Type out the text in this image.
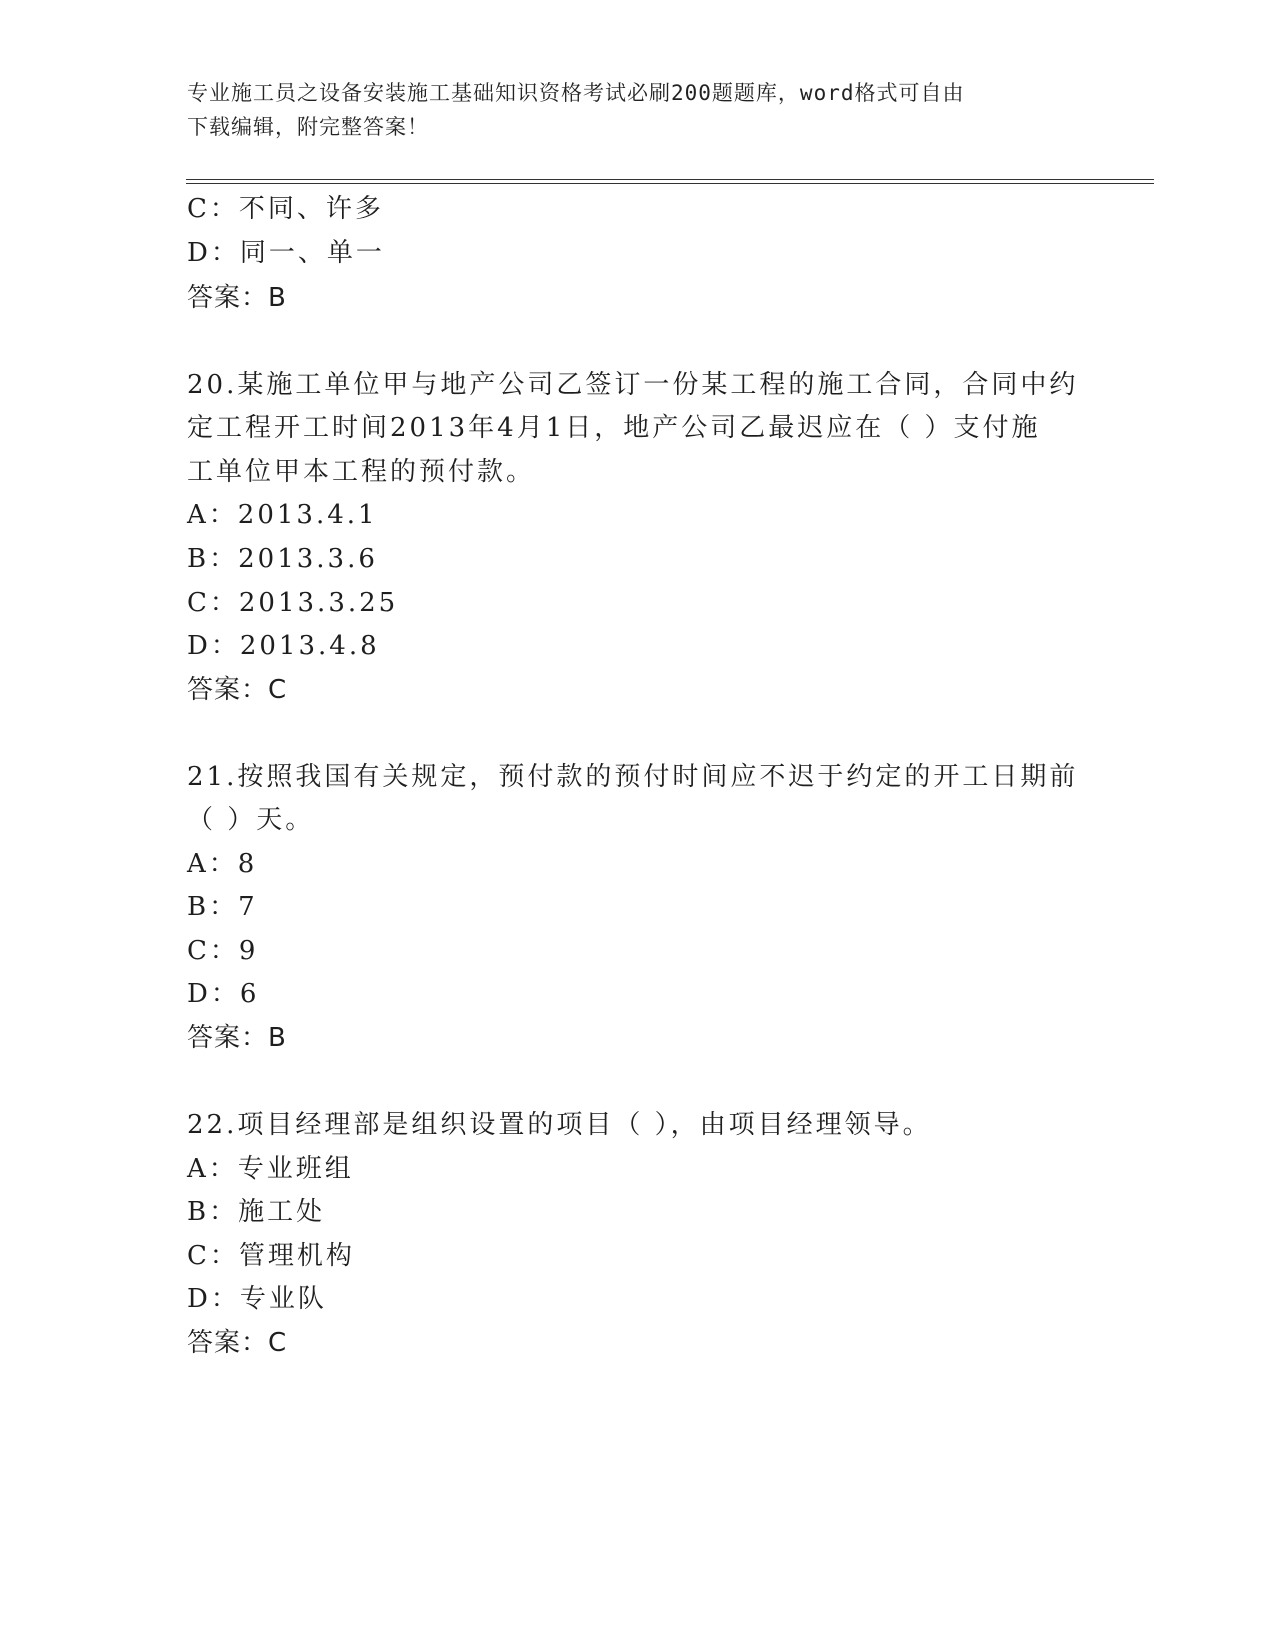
专业施工员之设备安装施工基础知识资格考试必刷200题题库，word格式可自由
下载编辑，附完整答案！
C：不同、许多
D：同一、单一
答案：B
20.某施工单位甲与地产公司乙签订一份某工程的施工合同，合同中约
定工程开工时间2013年4月1日，地产公司乙最迟应在（ ）支付施
工单位甲本工程的预付款。
A：2013.4.1
B：2013.3.6
C：2013.3.25
D：2013.4.8
答案：C
21.按照我国有关规定，预付款的预付时间应不迟于约定的开工日期前
（ ）天。
A：8
B：7
C：9
D：6
答案：B
22.项目经理部是组织设置的项目（ ），由项目经理领导。
A：专业班组
B：施工处
C：管理机构
D：专业队
答案：C
